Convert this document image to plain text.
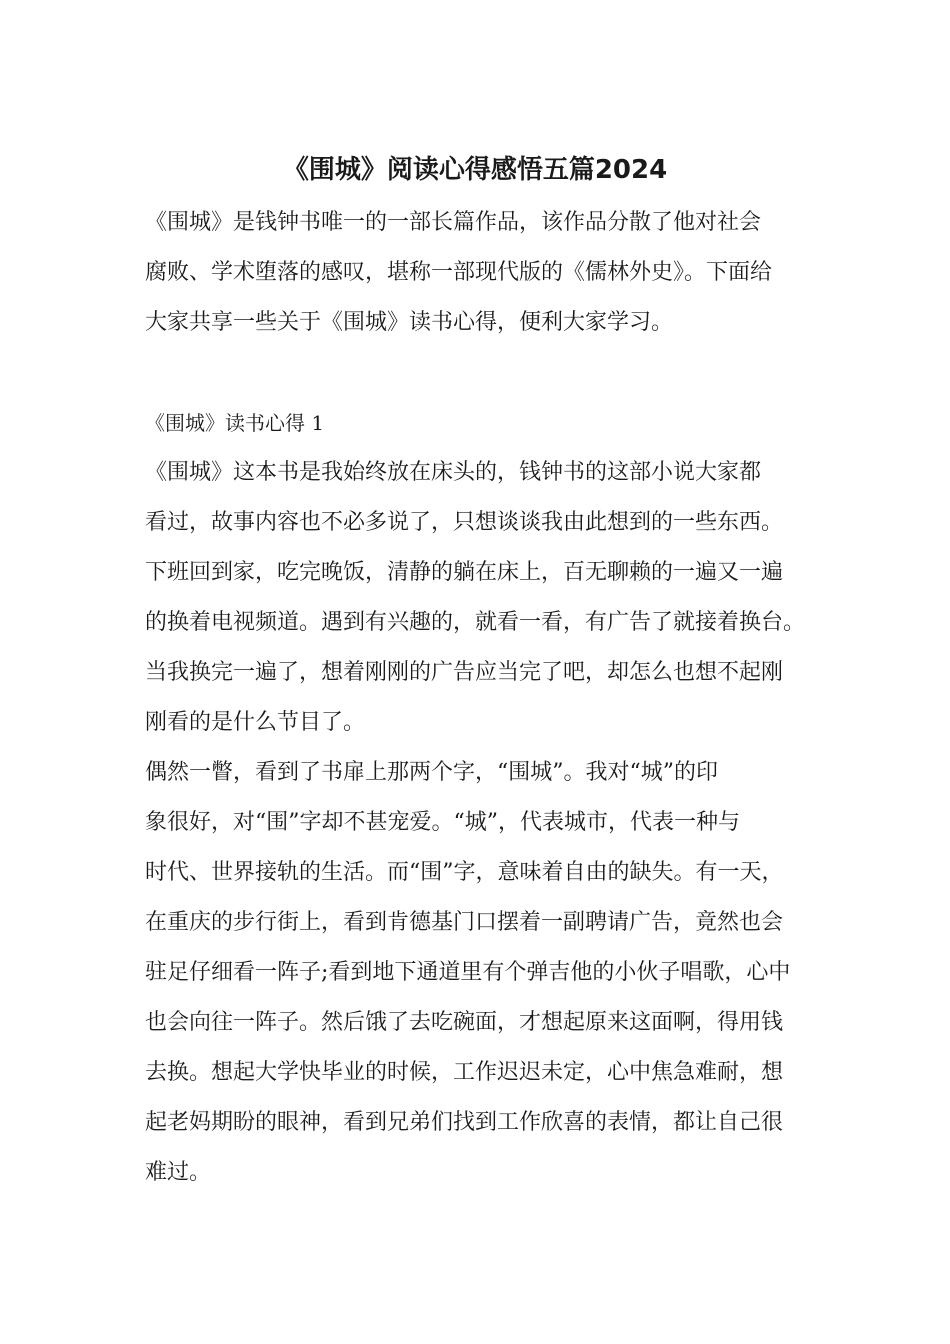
《围城》阅读心得感悟五篇2024

《围城》是钱钟书唯一的一部长篇作品，该作品分散了他对社会

腐败、学术堕落的感叹，堪称一部现代版的《儒林外史》。下面给

大家共享一些关于《围城》读书心得，便利大家学习。

《围城》读书心得 1

《围城》这本书是我始终放在床头的，钱钟书的这部小说大家都

看过，故事内容也不必多说了，只想谈谈我由此想到的一些东西。

下班回到家，吃完晚饭，清静的躺在床上，百无聊赖的一遍又一遍

的换着电视频道。遇到有兴趣的，就看一看，有广告了就接着换台。

当我换完一遍了，想着刚刚的广告应当完了吧，却怎么也想不起刚

刚看的是什么节目了。

偶然一瞥，看到了书扉上那两个字，“围城”。我对“城”的印

象很好，对“围”字却不甚宠爱。“城”，代表城市，代表一种与

时代、世界接轨的生活。而“围”字，意味着自由的缺失。有一天，

在重庆的步行街上，看到肯德基门口摆着一副聘请广告，竟然也会

驻足仔细看一阵子;看到地下通道里有个弹吉他的小伙子唱歌，心中

也会向往一阵子。然后饿了去吃碗面，才想起原来这面啊，得用钱

去换。想起大学快毕业的时候，工作迟迟未定，心中焦急难耐，想

起老妈期盼的眼神，看到兄弟们找到工作欣喜的表情，都让自己很

难过。
